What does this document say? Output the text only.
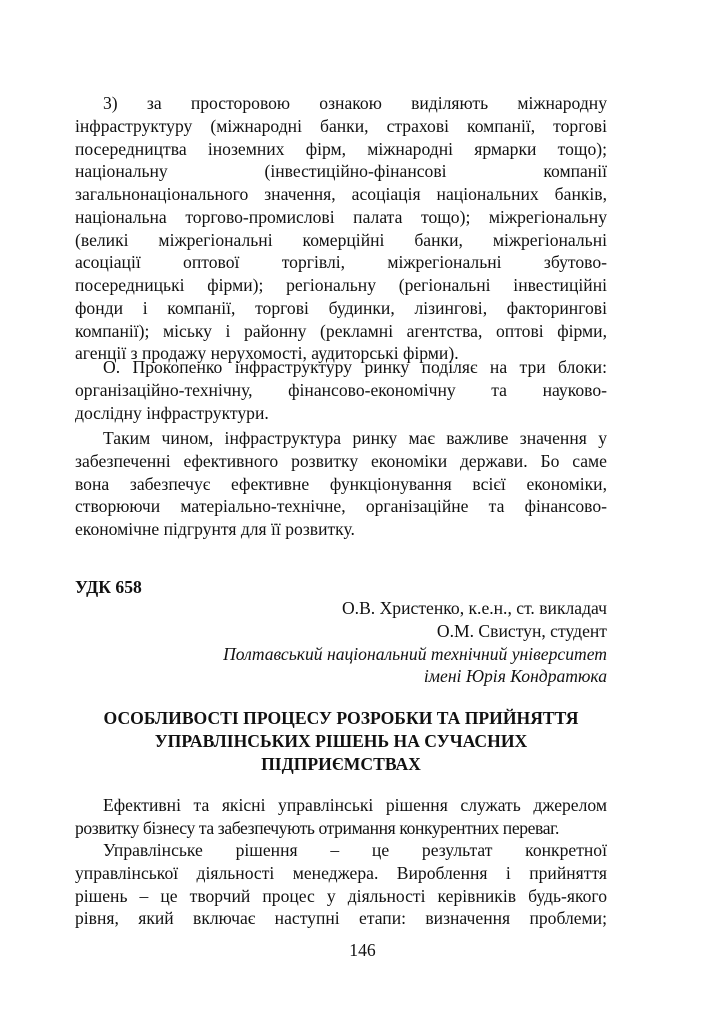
3) за просторовою ознакою виділяють міжнародну
інфраструктуру (міжнародні банки, страхові компанії, торгові
посередництва іноземних фірм, міжнародні ярмарки тощо);
національну (інвестиційно-фінансові компанії
загальнонаціонального значення, асоціація національних банків,
національна торгово-промислові палата тощо); міжрегіональну
(великі міжрегіональні комерційні банки, міжрегіональні
асоціації оптової торгівлі, міжрегіональні збутово-
посередницькі фірми); регіональну (регіональні інвестиційні
фонди і компанії, торгові будинки, лізингові, факторингові
компанії); міську і районну (рекламні агентства, оптові фірми,
агенції з продажу нерухомості, аудиторські фірми).
О. Прокопенко інфраструктуру ринку поділяє на три блоки:
організаційно-технічну, фінансово-економічну та науково-
дослідну інфраструктури.
Таким чином, інфраструктура ринку має важливе значення у
забезпеченні ефективного розвитку економіки держави. Бо саме
вона забезпечує ефективне функціонування всієї економіки,
створюючи матеріально-технічне, організаційне та фінансово-
економічне підгрунтя для її розвитку.
УДК 658
О.В. Христенко, к.е.н., ст. викладач
О.М. Свистун, студент
Полтавський національний технічний університет
імені Юрія Кондратюка
ОСОБЛИВОСТІ ПРОЦЕСУ РОЗРОБКИ ТА ПРИЙНЯТТЯ
УПРАВЛІНСЬКИХ РІШЕНЬ НА СУЧАСНИХ
ПІДПРИЄМСТВАХ
Ефективні та якісні управлінські рішення служать джерелом
розвитку бізнесу та забезпечують отримання конкурентних переваг.
Управлінське рішення – це результат конкретної
управлінської діяльності менеджера. Вироблення і прийняття
рішень – це творчий процес у діяльності керівників будь-якого
рівня, який включає наступні етапи: визначення проблеми;
146
